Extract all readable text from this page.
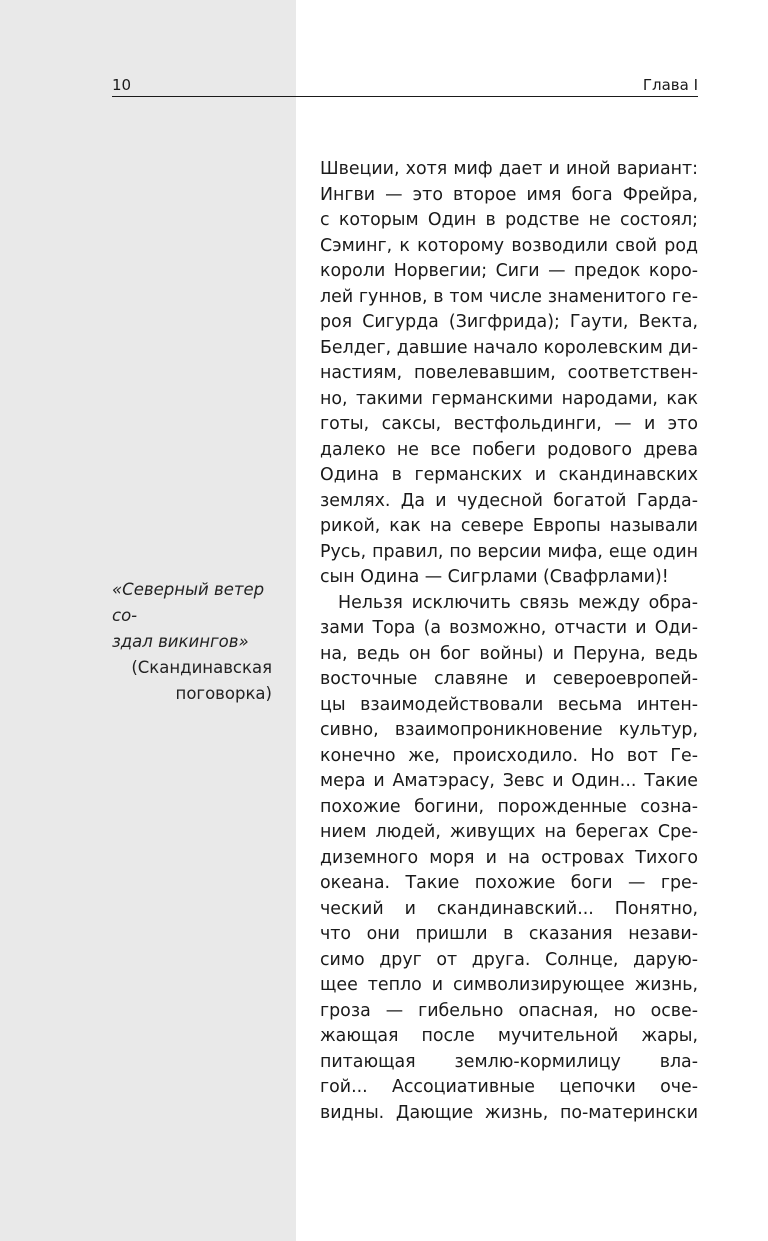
10	Глава I
«Северный ветер со-
здал викингов»
(Скандинавская
поговорка)
Швеции, хотя миф дает и иной вариант:
Ингви — это второе имя бога Фрейра,
с которым Один в родстве не состоял;
Сэминг, к которому возводили свой род
короли Норвегии; Сиги — предок коро-
лей гуннов, в том числе знаменитого ге-
роя Сигурда (Зигфрида); Гаути, Векта,
Белдег, давшие начало королевским ди-
настиям, повелевавшим, соответствен-
но, такими германскими народами, как
готы, саксы, вестфольдинги, — и это
далеко не все побеги родового древа
Одина в германских и скандинавских
землях. Да и чудесной богатой Гарда-
рикой, как на севере Европы называли
Русь, правил, по версии мифа, еще один
сын Одина — Сигрлами (Свафрлами)!
Нельзя исключить связь между обра-
зами Тора (а возможно, отчасти и Оди-
на, ведь он бог войны) и Перуна, ведь
восточные славяне и североевропей-
цы взаимодействовали весьма интен-
сивно, взаимопроникновение культур,
конечно же, происходило. Но вот Ге-
мера и Аматэрасу, Зевс и Один... Такие
похожие богини, порожденные созна-
нием людей, живущих на берегах Сре-
диземного моря и на островах Тихого
океана. Такие похожие боги — гре-
ческий и скандинавский... Понятно,
что они пришли в сказания незави-
симо друг от друга. Солнце, дарую-
щее тепло и символизирующее жизнь,
гроза — гибельно опасная, но осве-
жающая после мучительной жары,
питающая землю-кормилицу вла-
гой... Ассоциативные цепочки оче-
видны. Дающие жизнь, по-матерински
